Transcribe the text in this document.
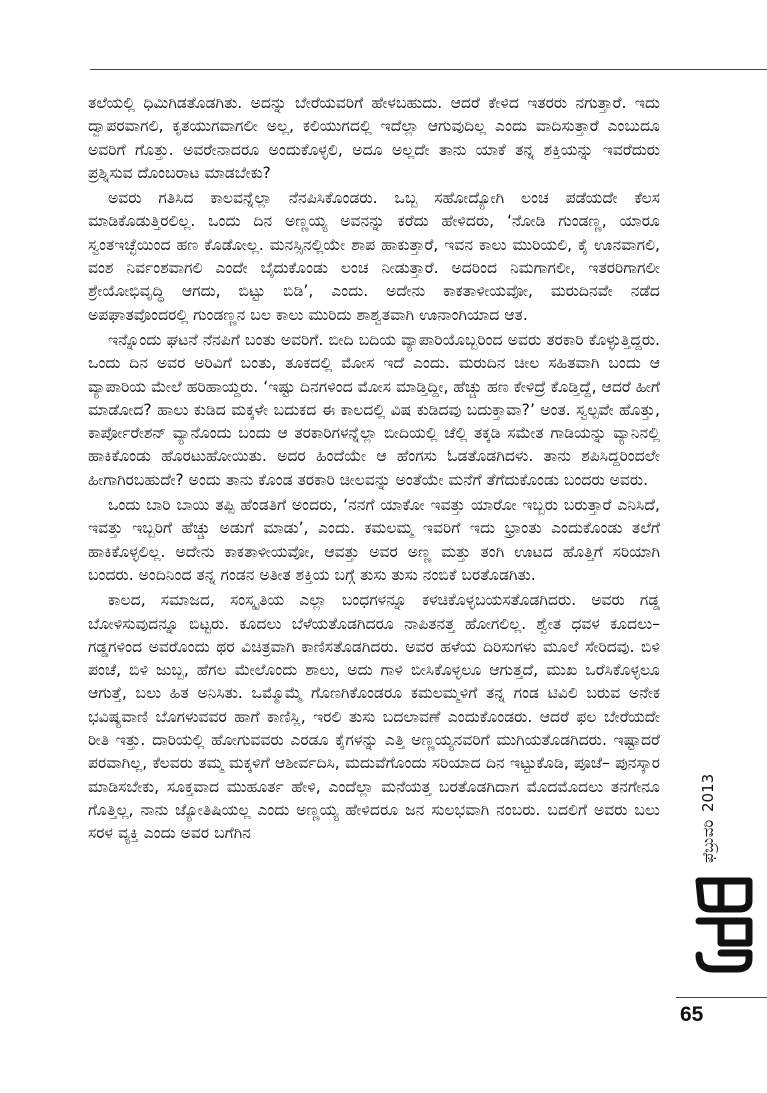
ತಲೆಯಲ್ಲಿ ಧಿಮಿಗಿಡತೊಡಗಿತು. ಅದನ್ನು ಬೇರೆಯವರಿಗೆ ಹೇಳಬಹುದು. ಆದರೆ ಕೇಳಿದ ಇತರರು ನಗುತ್ತಾರೆ. ಇದು ದ್ವಾಪರವಾಗಲಿ, ಕೃತಯುಗವಾಗಲೀ ಅಲ್ಲ, ಕಲಿಯುಗದಲ್ಲಿ ಇದೆಲ್ಲಾ ಆಗುವುದಿಲ್ಲ ಎಂದು ವಾದಿಸುತ್ತಾರೆ ಎಂಬುದೂ ಅವರಿಗೆ ಗೊತ್ತು. ಅವರೇನಾದರೂ ಅಂದುಕೊಳ್ಳಲಿ, ಅದೂ ಅಲ್ಲದೇ ತಾನು ಯಾಕೆ ತನ್ನ ಶಕ್ತಿಯನ್ನು ಇವರೆದುರು ಪ್ರಶ್ನಿಸುವ ದೊಂಬರಾಟ ಮಾಡಬೇಕು?

ಅವರು ಗತಿಸಿದ ಕಾಲವನ್ನೆಲ್ಲಾ ನೆನಪಿಸಿಕೊಂಡರು. ಒಬ್ಬ ಸಹೋದ್ಯೋಗಿ ಲಂಚ ಪಡೆಯದೇ ಕೆಲಸ ಮಾಡಿಕೊಡುತ್ತಿರಲಿಲ್ಲ. ಒಂದು ದಿನ ಅಣ್ಣಯ್ಯ ಅವನನ್ನು ಕರೆದು ಹೇಳಿದರು, ‘ನೋಡಿ ಗುಂಡಣ್ಣ, ಯಾರೂ ಸ್ವಂತಇಚ್ಛೆಯಿಂದ ಹಣ ಕೊಡೋಲ್ಲ. ಮನಸ್ಸಿನಲ್ಲಿಯೇ ಶಾಪ ಹಾಕುತ್ತಾರೆ, ಇವನ ಕಾಲು ಮುರಿಯಲಿ, ಕೈ ಊನವಾಗಲಿ, ವಂಶ ನಿರ್ವಂಶವಾಗಲಿ ಎಂದೇ ಬೈದುಕೊಂಡು ಲಂಚ ನೀಡುತ್ತಾರೆ. ಅದರಿಂದ ನಿಮಗಾಗಲೀ, ಇತರರಿಗಾಗಲೀ ಶ್ರೇಯೋಭಿವೃದ್ಧಿ ಆಗದು, ಬಿಟ್ಟು ಬಿಡಿ’, ಎಂದು. ಅದೇನು ಕಾಕತಾಳೀಯವೋ, ಮರುದಿನವೇ ನಡೆದ ಅಪಘಾತವೊಂದರಲ್ಲಿ ಗುಂಡಣ್ಣನ ಬಲ ಕಾಲು ಮುರಿದು ಶಾಶ್ವತವಾಗಿ ಊನಾಂಗಿಯಾದ ಆತ.

ಇನ್ನೊಂದು ಘಟನೆ ನೆನಪಿಗೆ ಬಂತು ಅವರಿಗೆ. ಬೀದಿ ಬದಿಯ ವ್ಯಾಪಾರಿಯೊಬ್ಬರಿಂದ ಅವರು ತರಕಾರಿ ಕೊಳ್ಳುತ್ತಿದ್ದರು. ಒಂದು ದಿನ ಅವರ ಅರಿವಿಗೆ ಬಂತು, ತೂಕದಲ್ಲಿ ಮೋಸ ಇದೆ ಎಂದು. ಮರುದಿನ ಚೀಲ ಸಹಿತವಾಗಿ ಬಂದು ಆ ವ್ಯಾಪಾರಿಯ ಮೇಲೆ ಹರಿಹಾಯ್ದರು. ‘ಇಷ್ಟು ದಿನಗಳಿಂದ ಮೋಸ ಮಾಡ್ತಿದ್ದೀ, ಹೆಚ್ಚು ಹಣ ಕೇಳಿದ್ರೆ ಕೊಡ್ತಿದ್ದೆ, ಆದರೆ ಹೀಗೆ ಮಾಡೋದ? ಹಾಲು ಕುಡಿದ ಮಕ್ಕಳೇ ಬದುಕದ ಈ ಕಾಲದಲ್ಲಿ ವಿಷ ಕುಡಿದವು ಬದುಕ್ತಾವಾ?’ ಅಂತ. ಸ್ವಲ್ಪವೇ ಹೊತ್ತು, ಕಾರ್ಪೋರೇಶನ್ ವ್ಯಾನೊಂದು ಬಂದು ಆ ತರಕಾರಿಗಳನ್ನೆಲ್ಲಾ ಬೀದಿಯಲ್ಲಿ ಚೆಲ್ಲಿ ತಕ್ಕಡಿ ಸಮೇತ ಗಾಡಿಯನ್ನು ವ್ಯಾನಿನಲ್ಲಿ ಹಾಕಿಕೊಂಡು ಹೊರಟುಹೋಯಿತು. ಅದರ ಹಿಂದೆಯೇ ಆ ಹೆಂಗಸು ಓಡತೊಡಗಿದಳು. ತಾನು ಶಪಿಸಿದ್ದರಿಂದಲೇ ಹೀಗಾಗಿರಬಹುದೇ? ಅಂದು ತಾನು ಕೊಂಡ ತರಕಾರಿ ಚೀಲವನ್ನು ಅಂತೆಯೇ ಮನೆಗೆ ತೆಗೆದುಕೊಂಡು ಬಂದರು ಅವರು.

ಒಂದು ಬಾರಿ ಬಾಯಿ ತಪ್ಪಿ ಹೆಂಡತಿಗೆ ಅಂದರು, ‘ನನಗೆ ಯಾಕೋ ಇವತ್ತು ಯಾರೋ ಇಬ್ಬರು ಬರುತ್ತಾರೆ ಎನಿಸಿದೆ, ಇವತ್ತು ಇಬ್ಬರಿಗೆ ಹೆಚ್ಚು ಅಡುಗೆ ಮಾಡು’, ಎಂದು. ಕಮಲಮ್ಮ ಇವರಿಗೆ ಇದು ಭ್ರಾಂತು ಎಂದುಕೊಂಡು ತಲೆಗೆ ಹಾಕಿಕೊಳ್ಳಲಿಲ್ಲ. ಅದೇನು ಕಾಕತಾಳೀಯವೋ, ಆವತ್ತು ಅವರ ಅಣ್ಣ ಮತ್ತು ತಂಗಿ ಊಟದ ಹೊತ್ತಿಗೆ ಸರಿಯಾಗಿ ಬಂದರು. ಅಂದಿನಿಂದ ತನ್ನ ಗಂಡನ ಅತೀತ ಶಕ್ತಿಯ ಬಗ್ಗೆ ತುಸು ತುಸು ನಂಬಿಕೆ ಬರತೊಡಗಿತು.

ಕಾಲದ, ಸಮಾಜದ, ಸಂಸ್ಕೃತಿಯ ಎಲ್ಲಾ ಬಂಧಗಳನ್ನೂ ಕಳಚಿಕೊಳ್ಳಬಯಸತೊಡಗಿದರು. ಅವರು ಗಡ್ಡ ಬೋಳಿಸುವುದನ್ನೂ ಬಿಟ್ಟರು. ಕೂದಲು ಬೆಳೆಯತೊಡಗಿದರೂ ನಾಪಿತನತ್ತ ಹೋಗಲಿಲ್ಲ. ಶ್ವೇತ ಧವಳ ಕೂದಲು– ಗಡ್ಡಗಳಿಂದ ಅವರೊಂದು ಥರ ವಿಚಿತ್ರವಾಗಿ ಕಾಣಿಸತೊಡಗಿದರು. ಅವರ ಹಳೆಯ ದಿರಿಸುಗಳು ಮೂಲೆ ಸೇರಿದವು. ಬಿಳಿ ಪಂಚೆ, ಬಿಳಿ ಜುಬ್ಬ, ಹೆಗಲ ಮೇಲೊಂದು ಶಾಲು, ಅದು ಗಾಳಿ ಬೀಸಿಕೊಳ್ಳಲೂ ಆಗುತ್ತದೆ, ಮುಖ ಒರೆಸಿಕೊಳ್ಳಲೂ ಆಗುತ್ತೆ, ಬಲು ಹಿತ ಅನಿಸಿತು. ಒಮ್ಮೊಮ್ಮೆ ಗೊಣಗಿಕೊಂಡರೂ ಕಮಲಮ್ಮಳಿಗೆ ತನ್ನ ಗಂಡ ಟಿವಿಲಿ ಬರುವ ಅನೇಕ ಭವಿಷ್ಯವಾಣಿ ಬೊಗಳುವವರ ಹಾಗೆ ಕಾಣಿಸ್ಲಿ, ಇರಲಿ ತುಸು ಬದಲಾವಣೆ ಎಂದುಕೊಂಡರು. ಆದರೆ ಫಲ ಬೇರೆಯದೇ ರೀತಿ ಇತ್ತು. ದಾರಿಯಲ್ಲಿ ಹೋಗುವವರು ಎರಡೂ ಕೈಗಳನ್ನು ಎತ್ತಿ ಅಣ್ಣಯ್ಯನವರಿಗೆ ಮುಗಿಯತೊಡಗಿದರು. ಇಷ್ಟಾದರೆ ಪರವಾಗಿಲ್ಲ, ಕೆಲವರು ತಮ್ಮ ಮಕ್ಕಳಿಗೆ ಆಶೀರ್ವದಿಸಿ, ಮದುವೆಗೊಂದು ಸರಿಯಾದ ದಿನ ಇಟ್ಟುಕೊಡಿ, ಪೂಜೆ– ಪುನಸ್ಕಾರ ಮಾಡಿಸಬೇಕು, ಸೂಕ್ತವಾದ ಮುಹೂರ್ತ ಹೇಳಿ, ಎಂದೆಲ್ಲಾ ಮನೆಯತ್ತ ಬರತೊಡಗಿದಾಗ ಮೊದಮೊದಲು ತನಗೇನೂ ಗೊತ್ತಿಲ್ಲ, ನಾನು ಜ್ಯೋತಿಷಿಯಲ್ಲ ಎಂದು ಅಣ್ಣಯ್ಯ ಹೇಳಿದರೂ ಜನ ಸುಲಭವಾಗಿ ನಂಬರು. ಬದಲಿಗೆ ಅವರು ಬಲು ಸರಳ ವ್ಯಕ್ತಿ ಎಂದು ಅವರ ಬಗೆಗಿನ	ಫೆಬ್ರುವರಿ
2013
65
